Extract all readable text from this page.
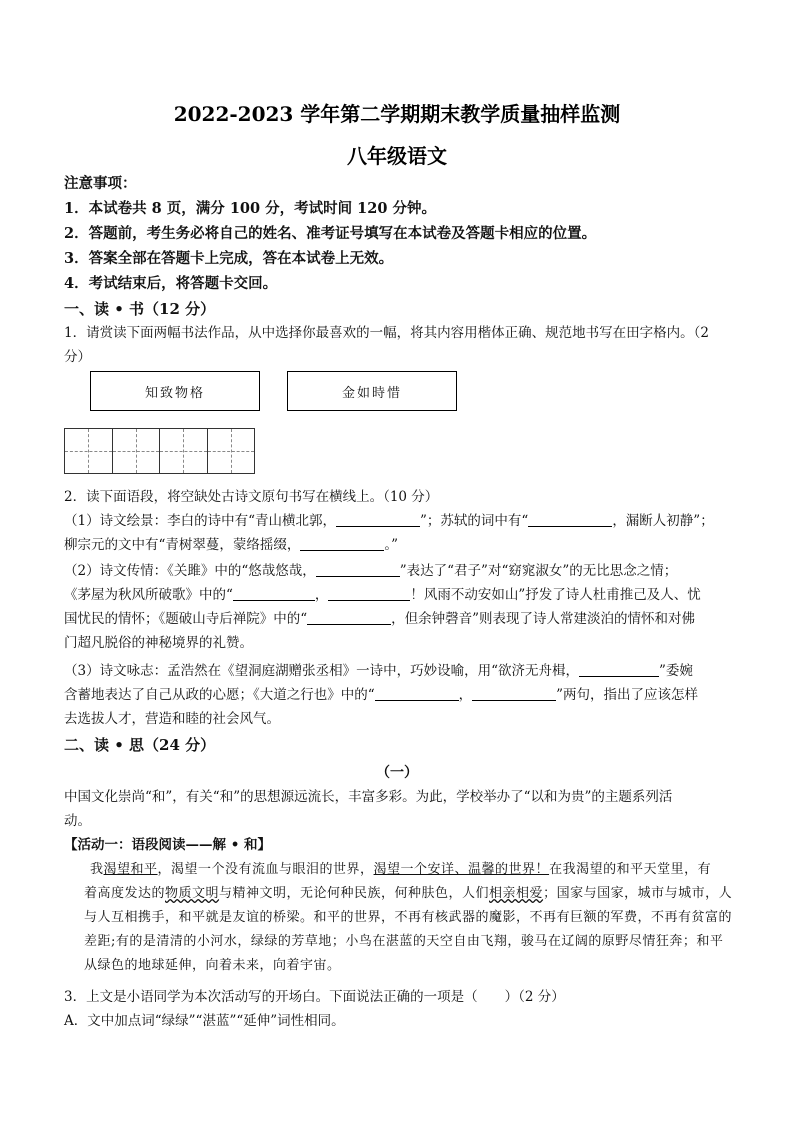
2022-2023 学年第二学期期末教学质量抽样监测
八年级语文
注意事项：
1．本试卷共 8 页，满分 100 分，考试时间 120 分钟。
2．答题前，考生务必将自己的姓名、准考证号填写在本试卷及答题卡相应的位置。
3．答案全部在答题卡上完成，答在本试卷上无效。
4．考试结束后，将答题卡交回。
一、读 • 书（12 分）
1．请赏读下面两幅书法作品，从中选择你最喜欢的一幅，将其内容用楷体正确、规范地书写在田字格内。（2
分）
知致物格	金如時惜
2．读下面语段，将空缺处古诗文原句书写在横线上。（10 分）
（1）诗文绘景：李白的诗中有“青山横北郭，	”；苏轼的词中有“	，漏断人初静”；
柳宗元的文中有“青树翠蔓，蒙络摇缀，	。”
（2）诗文传情：《关雎》中的“悠哉悠哉，	”表达了“君子”对“窈窕淑女”的无比思念之情；
《茅屋为秋风所破歌》中的“	，	！风雨不动安如山”抒发了诗人杜甫推己及人、忧
国忧民的情怀；《题破山寺后禅院》中的“	，但余钟磬音”则表现了诗人常建淡泊的情怀和对佛
门超凡脱俗的神秘境界的礼赞。
（3）诗文咏志：孟浩然在《望洞庭湖赠张丞相》一诗中，巧妙设喻，用“欲济无舟楫，	”委婉
含蓄地表达了自己从政的心愿；《大道之行也》中的“	，	”两句，指出了应该怎样
去选拔人才，营造和睦的社会风气。
二、读 • 思（24 分）
（一）
中国文化崇尚“和”，有关“和”的思想源远流长，丰富多彩。为此，学校举办了“以和为贵”的主题系列活
动。
【活动一：语段阅读——解 • 和】
我渴望和平，渴望一个没有流血与眼泪的世界，渴望一个安详、温馨的世界！在我渴望的和平天堂里，有
着高度发达的物质文明与精神文明，无论何种民族，何种肤色，人们相亲相爱；国家与国家，城市与城市，人
与人互相携手，和平就是友谊的桥梁。和平的世界，不再有核武器的魔影，不再有巨额的军费，不再有贫富的
差距;有的是清清的小河水，绿绿的芳草地；小鸟在湛蓝的天空自由飞翔，骏马在辽阔的原野尽情狂奔；和平
从绿色的地球延伸，向着未来，向着宇宙。
3．上文是小语同学为本次活动写的开场白。下面说法正确的一项是（　　）（2 分）
A．文中加点词“绿绿”“湛蓝”“延伸”词性相同。
